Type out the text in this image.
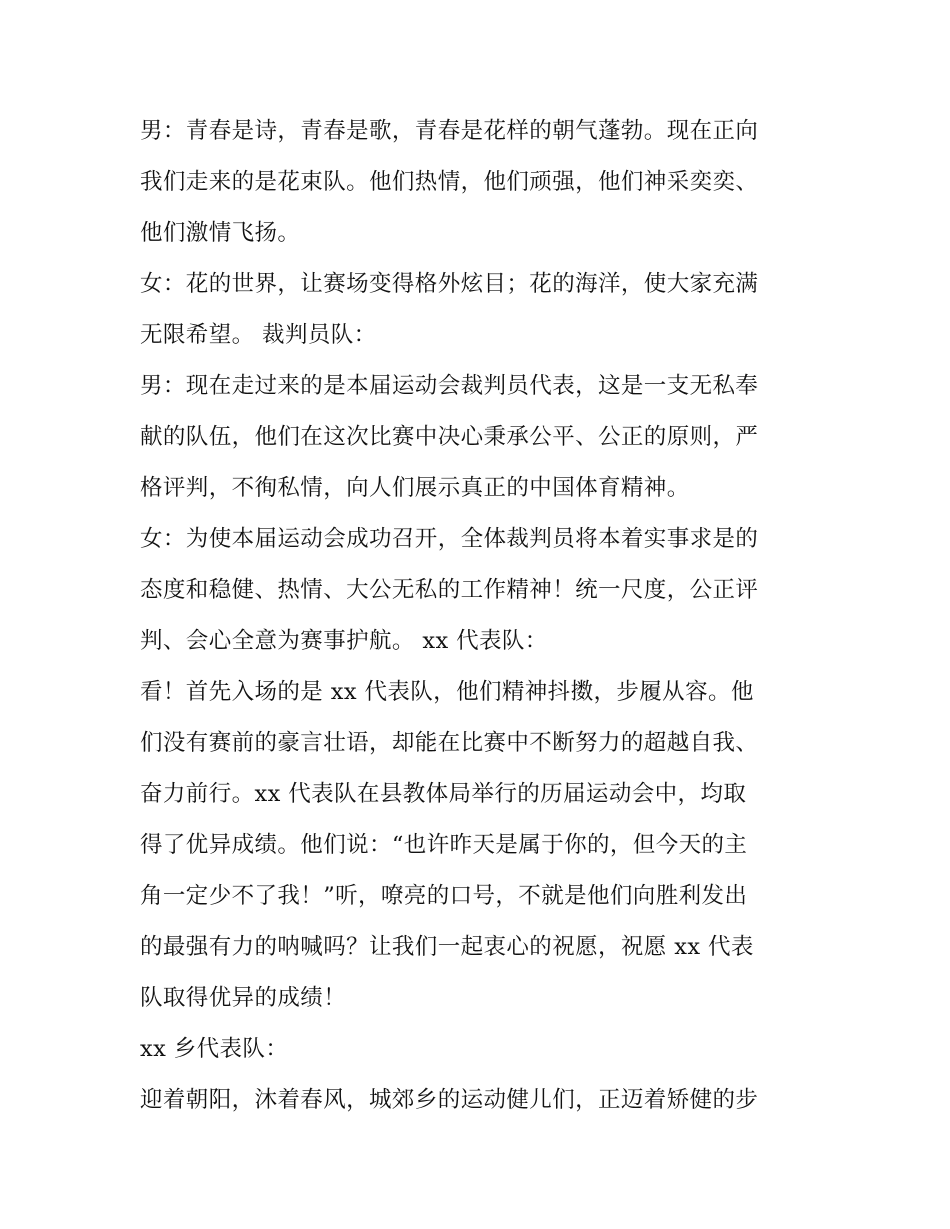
男：青春是诗，青春是歌，青春是花样的朝气蓬勃。现在正向
我们走来的是花束队。他们热情，他们顽强，他们神采奕奕、
他们激情飞扬。
女：花的世界，让赛场变得格外炫目；花的海洋，使大家充满
无限希望。 裁判员队：
男：现在走过来的是本届运动会裁判员代表，这是一支无私奉
献的队伍，他们在这次比赛中决心秉承公平、公正的原则，严
格评判，不徇私情，向人们展示真正的中国体育精神。
女：为使本届运动会成功召开，全体裁判员将本着实事求是的
态度和稳健、热情、大公无私的工作精神！统一尺度，公正评
判、会心全意为赛事护航。 xx 代表队：
看！首先入场的是 xx 代表队，他们精神抖擞，步履从容。他
们没有赛前的豪言壮语，却能在比赛中不断努力的超越自我、
奋力前行。xx 代表队在县教体局举行的历届运动会中，均取
得了优异成绩。他们说：“也许昨天是属于你的，但今天的主
角一定少不了我！”听，嘹亮的口号，不就是他们向胜利发出
的最强有力的呐喊吗？让我们一起衷心的祝愿，祝愿 xx 代表
队取得优异的成绩！
xx 乡代表队：
迎着朝阳，沐着春风，城郊乡的运动健儿们，正迈着矫健的步
